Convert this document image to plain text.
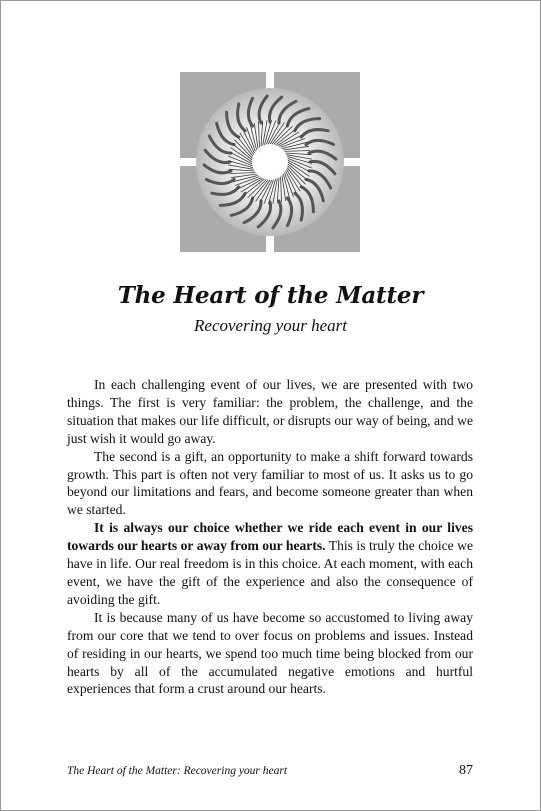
The Heart of the Matter
Recovering your heart

In each challenging event of our lives, we are presented with two things. The first is very familiar: the problem, the challenge, and the situation that makes our life difficult, or disrupts our way of being, and we just wish it would go away.

The second is a gift, an opportunity to make a shift forward towards growth. This part is often not very familiar to most of us. It asks us to go beyond our limitations and fears, and become someone greater than when we started.

It is always our choice whether we ride each event in our lives towards our hearts or away from our hearts. This is truly the choice we have in life. Our real freedom is in this choice. At each moment, with each event, we have the gift of the experience and also the consequence of avoiding the gift.

It is because many of us have become so accustomed to living away from our core that we tend to over focus on problems and issues. Instead of residing in our hearts, we spend too much time being blocked from our hearts by all of the accumulated negative emotions and hurtful experiences that form a crust around our hearts.

The Heart of the Matter: Recovering your heart	87
